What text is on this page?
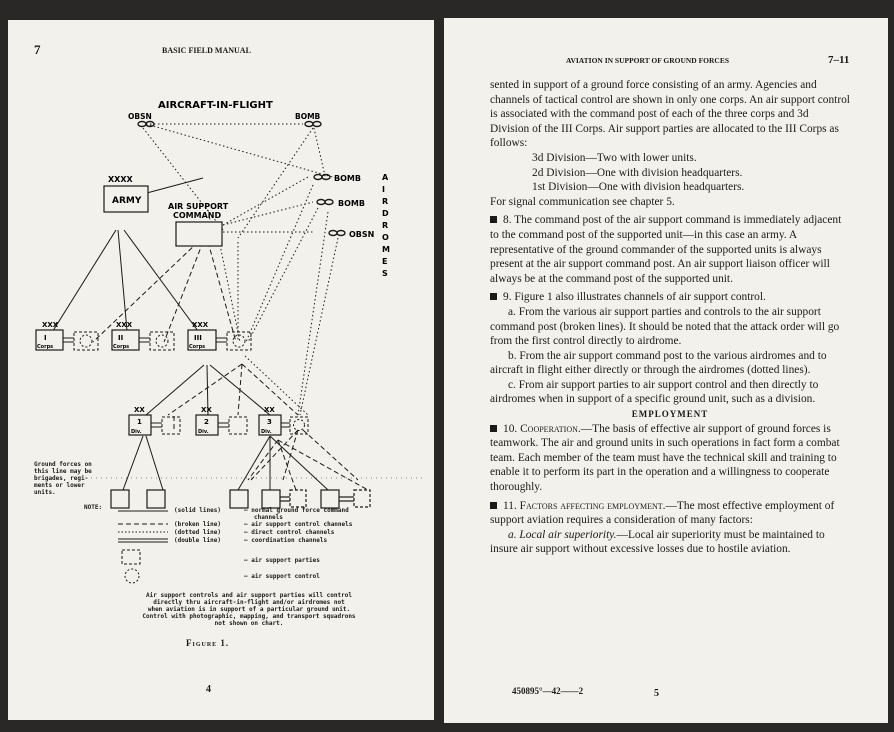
7	BASIC FIELD MANUAL
AIRCRAFT-IN-FLIGHT
OBSN	BOMB
BOMB
BOMB
OBSN
A
I
R
D
R
O
M
E
S
XXXX
ARMY
AIR SUPPORT
COMMAND
XXX
I
Corps
XXX
II
Corps
XXX
III
Corps
XX
1
Div.
XX
2
Div.
XX
3
Div.
Ground forces on
this line may be
brigades, regi-
ments or lower
units.
NOTE:	(solid lines)	— normal ground force command
channels
(broken line)	— air support control channels
(dotted line)	— direct control channels
(double line)	— coordination channels
— air support parties
— air support control
Air support controls and air support parties will control
directly thru aircraft-in-flight and/or airdromes not
when aviation is in support of a particular ground unit.
Control with photographic, mapping, and transport squadrons
not shown on chart.
Figure 1.
4
AVIATION IN SUPPORT OF GROUND FORCES	7–11

sented in support of a ground force consisting of an army. Agencies and channels of tactical control are shown in only one corps. An air support control is associated with the command post of each of the three corps and 3d Division of the III Corps. Air support parties are allocated to the III Corps as follows:

3d Division—Two with lower units.

2d Division—One with division headquarters.

1st Division—One with division headquarters.

For signal communication see chapter 5.

8. The command post of the air support command is immediately adjacent to the command post of the supported unit—in this case an army. A representative of the ground commander of the supported units is always present at the air support command post. An air support liaison officer will always be at the command post of the supported unit.

9. Figure 1 also illustrates channels of air support control.

a. From the various air support parties and controls to the air support command post (broken lines). It should be noted that the attack order will go from the first control directly to airdrome.

b. From the air support command post to the various airdromes and to aircraft in flight either directly or through the airdromes (dotted lines).

c. From air support parties to air support control and then directly to airdromes when in support of a specific ground unit, such as a division.

EMPLOYMENT

10. Cooperation.—The basis of effective air support of ground forces is teamwork. The air and ground units in such operations in fact form a combat team. Each member of the team must have the technical skill and training to enable it to perform its part in the operation and a willingness to cooperate thoroughly.

11. Factors affecting employment.—The most effective employment of support aviation requires a consideration of many factors:

a. Local air superiority.—Local air superiority must be maintained to insure air support without excessive losses due to hostile aviation.

450895°—42——2	5
